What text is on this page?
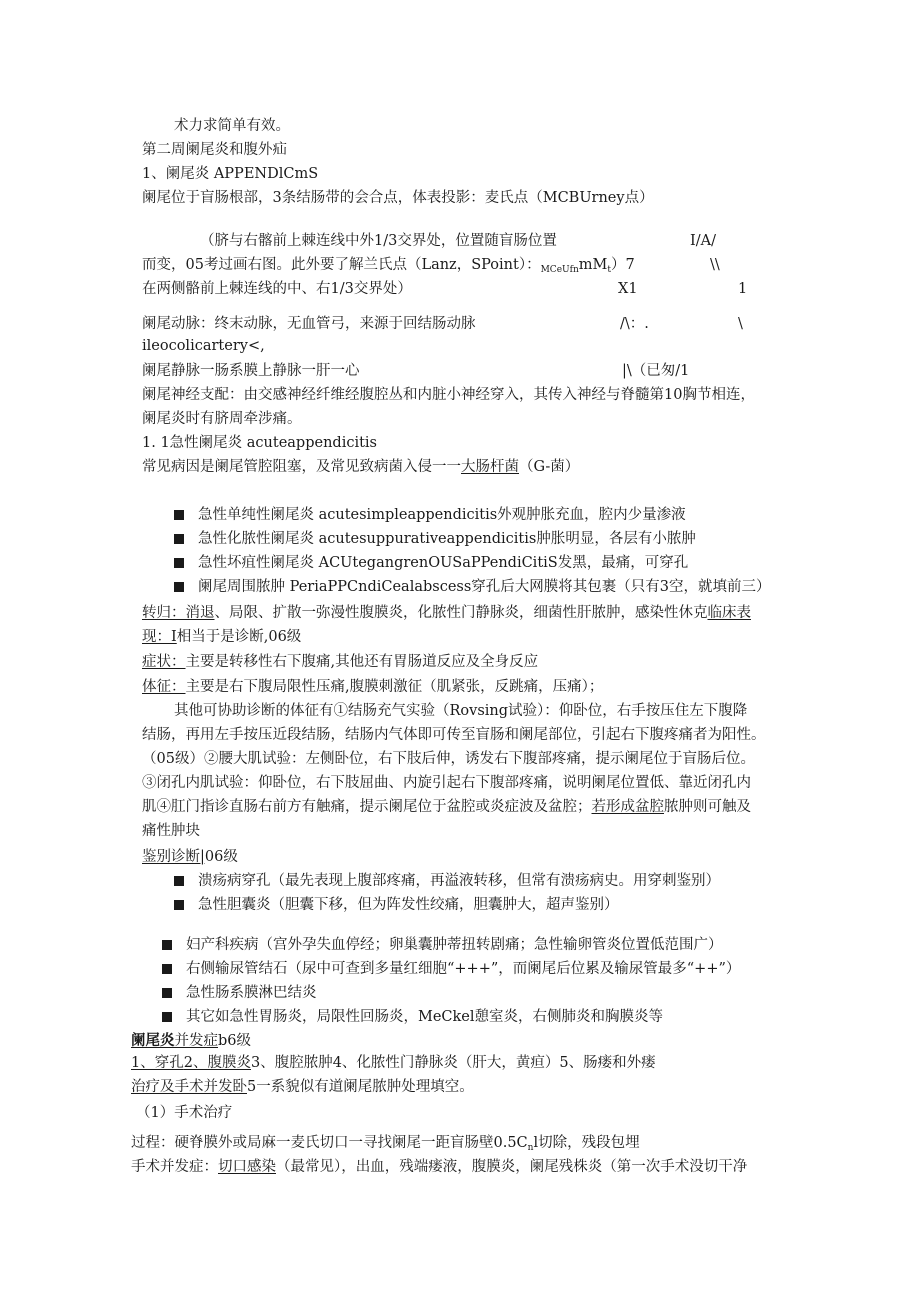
术力求简单有效。
第二周阑尾炎和腹外疝
1、阑尾炎 APPENDlCmS
阑尾位于盲肠根部，3条结肠带的会合点，体表投影：麦氏点（MCBUrney点）
（脐与右髂前上棘连线中外1/3交界处，位置随盲肠位置	I/A/
而变，05考过画右图。此外要了解兰氏点（Lanz，SPoint）：$_{MCeUfn}mM_t)7$	\\
在两侧骼前上棘连线的中、右1/3交界处）	X1	1
阑尾动脉：终末动脉，无血管弓，来源于回结肠动脉	/\：.	\
ileocolicartery<,
阑尾静脉一肠系膜上静脉一肝一心	|\（已匆/1
阑尾神经支配：由交感神经纤维经腹腔丛和内脏小神经穿入，其传入神经与脊髓第10胸节相连，
阑尾炎时有脐周牵涉痛。
1. 1急性阑尾炎 acuteappendicitis
常见病因是阑尾管腔阻塞，及常见致病菌入侵一一大肠杆菌（G-菌）
急性单纯性阑尾炎 acutesimpleappendicitis外观肿胀充血，腔内少量渗液
急性化脓性阑尾炎 acutesuppurativeappendicitis肿胀明显，各层有小脓肿
急性坏疽性阑尾炎 ACUtegangrenOUSaPPendiCitiS发黑，最痛，可穿孔
阑尾周围脓肿 PeriaPPCndiCealabscess穿孔后大网膜将其包裹（只有3空，就填前三）
转归：消退、局限、扩散一弥漫性腹膜炎，化脓性门静脉炎，细菌性肝脓肿，感染性休克临床表
现：I相当于是诊断,06级
症状：主要是转移性右下腹痛,其他还有胃肠道反应及全身反应
体征：主要是右下腹局限性压痛,腹膜刺激征（肌紧张，反跳痛，压痛）；
其他可协助诊断的体征有①结肠充气实验（Rovsing试验）：仰卧位，右手按压住左下腹降
结肠，再用左手按压近段结肠，结肠内气体即可传至盲肠和阑尾部位，引起右下腹疼痛者为阳性。
（05级）②腰大肌试验：左侧卧位，右下肢后伸，诱发右下腹部疼痛，提示阑尾位于盲肠后位。
③闭孔内肌试验：仰卧位，右下肢屈曲、内旋引起右下腹部疼痛，说明阑尾位置低、靠近闭孔内
肌④肛门指诊直肠右前方有触痛，提示阑尾位于盆腔或炎症波及盆腔；若形成盆腔脓肿则可触及
痛性肿块
鉴别诊断|06级
溃疡病穿孔（最先表现上腹部疼痛，再溢液转移，但常有溃疡病史。用穿刺鉴别）
急性胆囊炎（胆囊下移，但为阵发性绞痛，胆囊肿大，超声鉴别）
妇产科疾病（宫外孕失血停经；卵巢囊肿蒂扭转剧痛；急性输卵管炎位置低范围广）
右侧输尿管结石（尿中可查到多量红细胞“+++”，而阑尾后位累及输尿管最多“++”）
急性肠系膜淋巴结炎
其它如急性胃肠炎，局限性回肠炎，MeCkel憩室炎，右侧肺炎和胸膜炎等
阑尾炎并发症b6级
1、穿孔2、腹膜炎3、腹腔脓肿4、化脓性门静脉炎（肝大，黄疸）5、肠瘘和外瘘
治疗及手术并发卧5一系貌似有道阑尾脓肿处理填空。
（1）手术治疗
过程：硬脊膜外或局麻一麦氏切口一寻找阑尾一距盲肠壁$0.5C_nl$切除，残段包埋
手术并发症：切口感染（最常见），出血，残端瘘液，腹膜炎，阑尾残株炎（第一次手术没切干净
